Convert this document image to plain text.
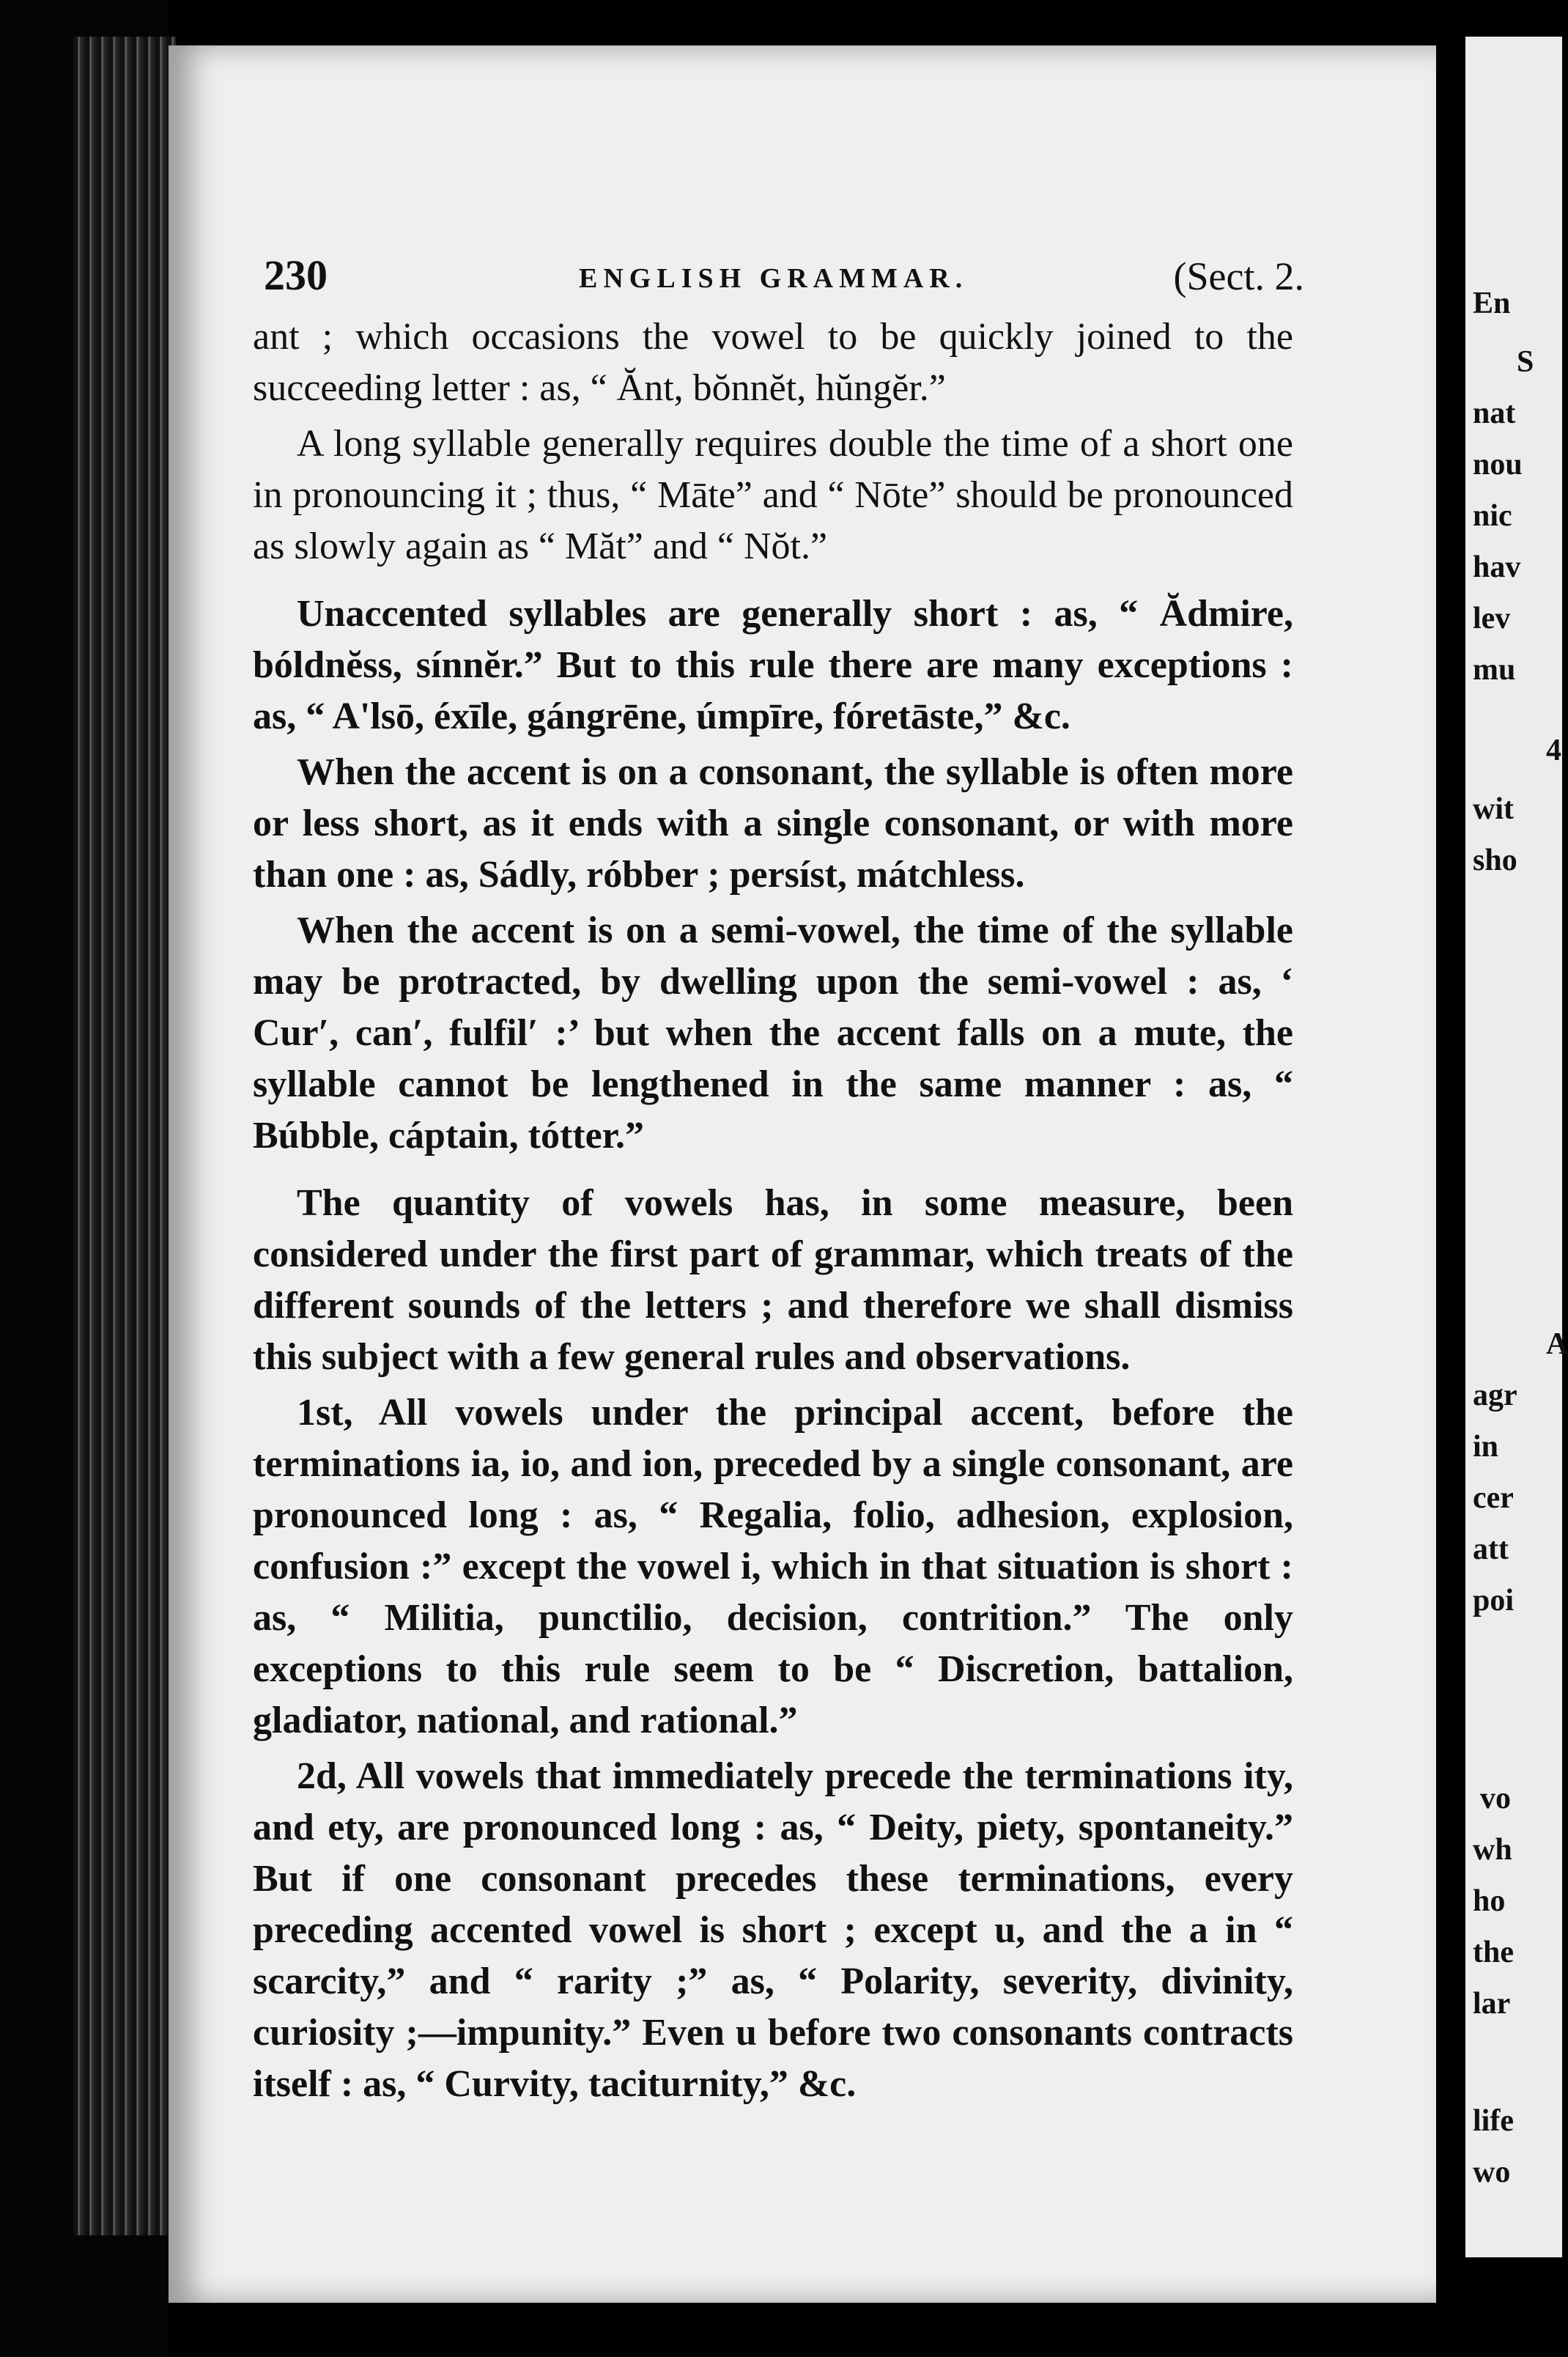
230	ENGLISH GRAMMAR.	(Sect. 2.

ant ; which occasions the vowel to be quickly joined to the succeeding letter : as, “ Ănt, bŏnnĕt, hŭngĕr.”

A long syllable generally requires double the time of a short one in pronouncing it ; thus, “ Māte” and “ Nōte” should be pronounced as slowly again as “ Măt” and “ Nŏt.”

Unaccented syllables are generally short : as, “ Ădmire, bóldnĕss, sínnĕr.” But to this rule there are many exceptions : as, “ A'lsō, éxīle, gángrēne, úmpīre, fóretāste,” &c.

When the accent is on a consonant, the syllable is often more or less short, as it ends with a single consonant, or with more than one : as, Sádly, róbber ; persíst, mátchless.

When the accent is on a semi-vowel, the time of the syllable may be protracted, by dwelling upon the semi-vowel : as, ‘ Cur′, can′, fulfil′ :’ but when the accent falls on a mute, the syllable cannot be lengthened in the same manner : as, “ Búbble, cáptain, tótter.”

The quantity of vowels has, in some measure, been considered under the first part of grammar, which treats of the different sounds of the letters ; and therefore we shall dismiss this subject with a few general rules and observations.

1st, All vowels under the principal accent, before the terminations ia, io, and ion, preceded by a single consonant, are pronounced long : as, “ Regalia, folio, adhesion, explosion, confusion :” except the vowel i, which in that situation is short : as, “ Militia, punctilio, decision, contrition.” The only exceptions to this rule seem to be “ Discretion, battalion, gladiator, national, and rational.”

2d, All vowels that immediately precede the terminations ity, and ety, are pronounced long : as, “ Deity, piety, spontaneity.” But if one consonant precedes these terminations, every preceding accented vowel is short ; except u, and the a in “ scarcity,” and “ rarity ;” as, “ Polarity, severity, divinity, curiosity ;—impunity.” Even u before two consonants contracts itself : as, “ Curvity, taciturnity,” &c.

En
S
nat
nou
nic
hav
lev
mu
4
wit
sho
A
agr
in
cer
att
poi
vo
wh
ho
the
lar
life
wo
